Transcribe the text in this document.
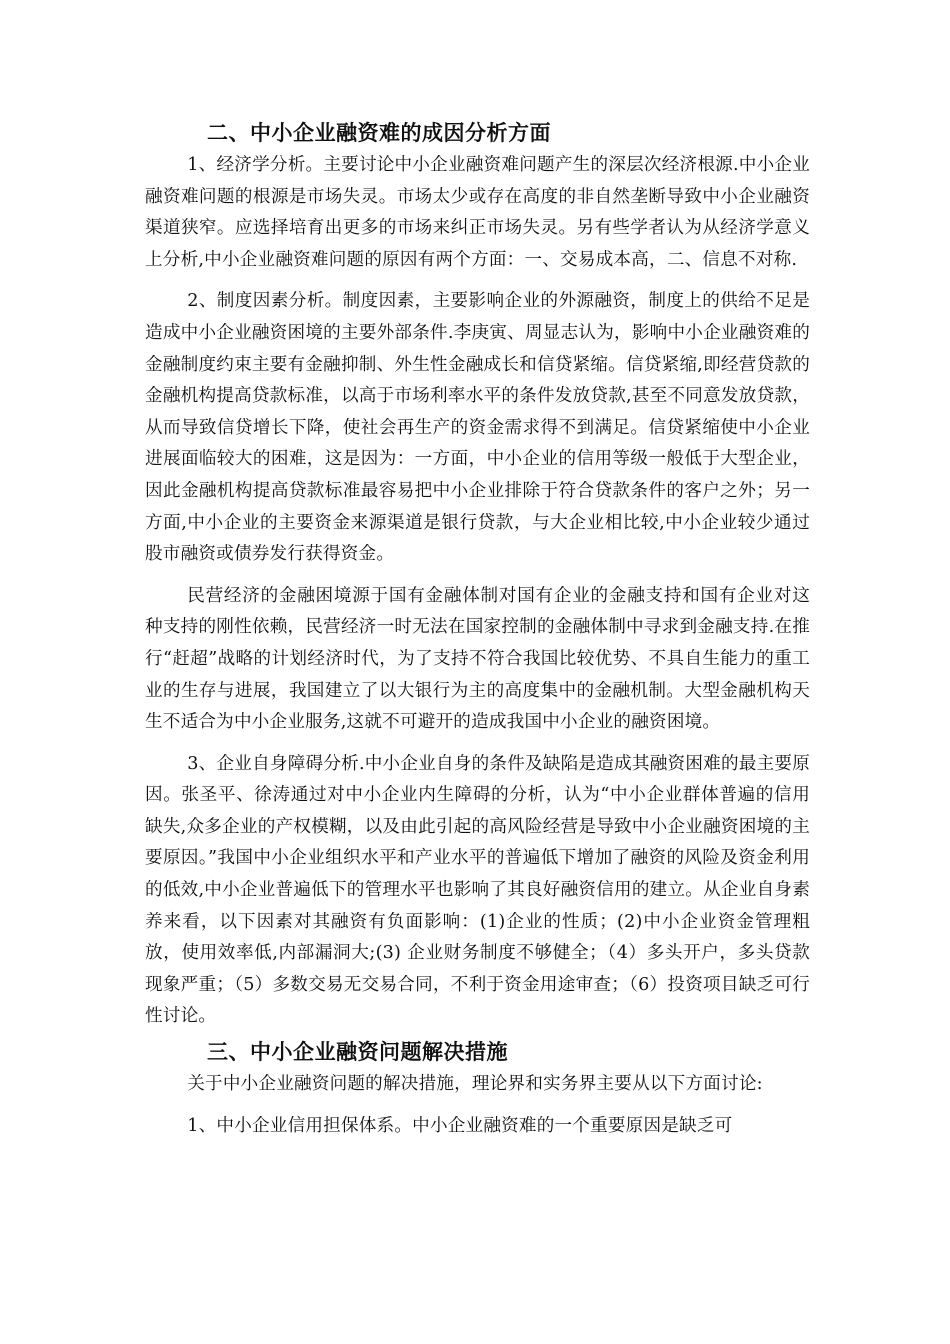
二、中小企业融资难的成因分析方面

1、经济学分析。主要讨论中小企业融资难问题产生的深层次经济根源.中小企业融资难问题的根源是市场失灵。市场太少或存在高度的非自然垄断导致中小企业融资渠道狭窄。应选择培育出更多的市场来纠正市场失灵。另有些学者认为从经济学意义上分析,中小企业融资难问题的原因有两个方面：一、交易成本高，二、信息不对称.

2、制度因素分析。制度因素，主要影响企业的外源融资，制度上的供给不足是造成中小企业融资困境的主要外部条件.李庚寅、周显志认为，影响中小企业融资难的金融制度约束主要有金融抑制、外生性金融成长和信贷紧缩。信贷紧缩,即经营贷款的金融机构提高贷款标准，以高于市场利率水平的条件发放贷款,甚至不同意发放贷款，从而导致信贷增长下降，使社会再生产的资金需求得不到满足。信贷紧缩使中小企业进展面临较大的困难，这是因为：一方面，中小企业的信用等级一般低于大型企业，因此金融机构提高贷款标准最容易把中小企业排除于符合贷款条件的客户之外；另一方面,中小企业的主要资金来源渠道是银行贷款，与大企业相比较,中小企业较少通过股市融资或债券发行获得资金。

民营经济的金融困境源于国有金融体制对国有企业的金融支持和国有企业对这种支持的刚性依赖，民营经济一时无法在国家控制的金融体制中寻求到金融支持.在推行“赶超”战略的计划经济时代，为了支持不符合我国比较优势、不具自生能力的重工业的生存与进展，我国建立了以大银行为主的高度集中的金融机制。大型金融机构天生不适合为中小企业服务,这就不可避开的造成我国中小企业的融资困境。

3、企业自身障碍分析.中小企业自身的条件及缺陷是造成其融资困难的最主要原因。张圣平、徐涛通过对中小企业内生障碍的分析，认为“中小企业群体普遍的信用缺失,众多企业的产权模糊，以及由此引起的高风险经营是导致中小企业融资困境的主要原因。”我国中小企业组织水平和产业水平的普遍低下增加了融资的风险及资金利用的低效,中小企业普遍低下的管理水平也影响了其良好融资信用的建立。从企业自身素养来看，以下因素对其融资有负面影响：(1)企业的性质；(2)中小企业资金管理粗放，使用效率低,内部漏洞大;(3) 企业财务制度不够健全；（4）多头开户，多头贷款现象严重；（5）多数交易无交易合同，不利于资金用途审查；（6）投资项目缺乏可行性讨论。

三、中小企业融资问题解决措施

关于中小企业融资问题的解决措施，理论界和实务界主要从以下方面讨论:

1、中小企业信用担保体系。中小企业融资难的一个重要原因是缺乏可
